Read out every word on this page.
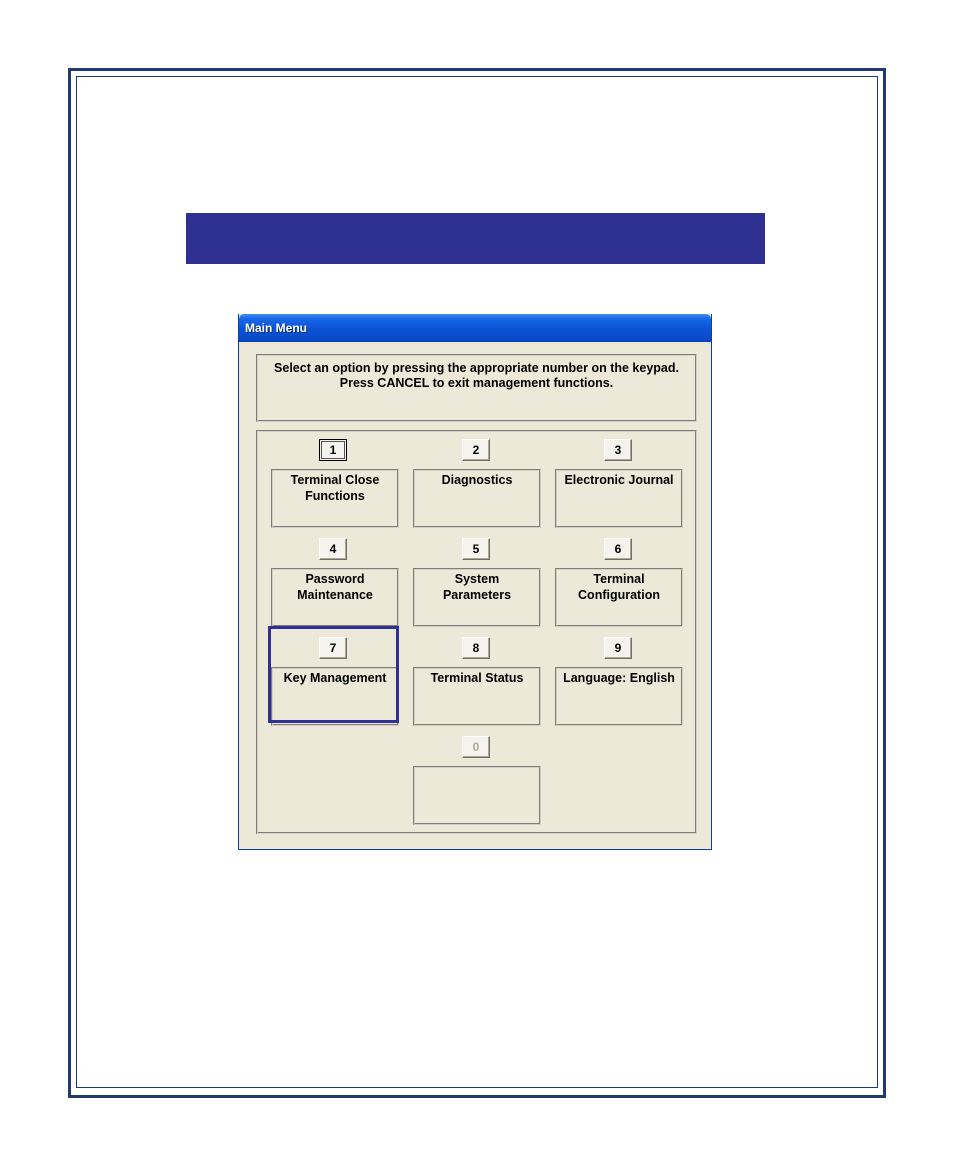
Main Menu
Select an option by pressing the appropriate number on the keypad.
Press CANCEL to exit management functions.
1
Terminal Close
Functions
2
Diagnostics
3
Electronic Journal
4
Password
Maintenance
5
System
Parameters
6
Terminal
Configuration
7
Key Management
8
Terminal Status
9
Language: English
0
